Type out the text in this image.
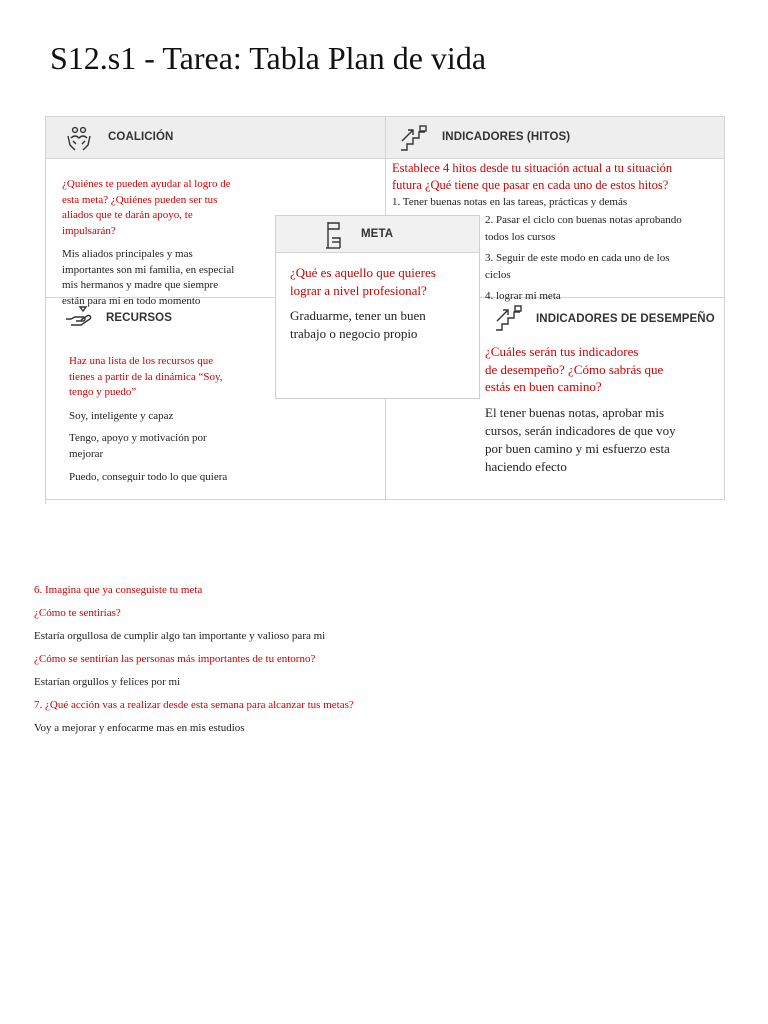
S12.s1 - Tarea: Tabla Plan de vida
COALICIÓN
¿Quiénes te pueden ayudar al logro de
esta meta? ¿Quiénes pueden ser tus
aliados que te darán apoyo, te
impulsarán?
Mis aliados principales y mas
importantes son mi familia, en especial
mis hermanos y madre que siempre
están para mi en todo momento
INDICADORES (HITOS)
Establece 4 hitos desde tu situación actual a tu situación
futura ¿Qué tiene que pasar en cada uno de estos hitos?
1. Tener buenas notas en las tareas, prácticas y demás
2. Pasar el ciclo con buenas notas aprobando
todos los cursos
3. Seguir de este modo en cada uno de los
ciclos
4. lograr mi meta
RECURSOS
Haz una lista de los recursos que
tienes a partir de la dinámica “Soy,
tengo y puedo”
Soy, inteligente y capaz
Tengo, apoyo y motivación por
mejorar
Puedo, conseguir todo lo que quiera
INDICADORES DE DESEMPEÑO
¿Cuáles serán tus indicadores
de desempeño? ¿Cómo sabrás que
estás en buen camino?
El tener buenas notas, aprobar mis
cursos, serán indicadores de que voy
por buen camino y mi esfuerzo esta
haciendo efecto
META
¿Qué es aquello que quieres
lograr a nivel profesional?
Graduarme, tener un buen
trabajo o negocio propio
6. Imagina que ya conseguiste tu meta
¿Cómo te sentirías?
Estaría orgullosa de cumplir algo tan importante y valioso para mi
¿Cómo se sentirían las personas más importantes de tu entorno?
Estarían orgullos y felices por mi
7. ¿Qué acción vas a realizar desde esta semana para alcanzar tus metas?
Voy a mejorar y enfocarme mas en mis estudios
